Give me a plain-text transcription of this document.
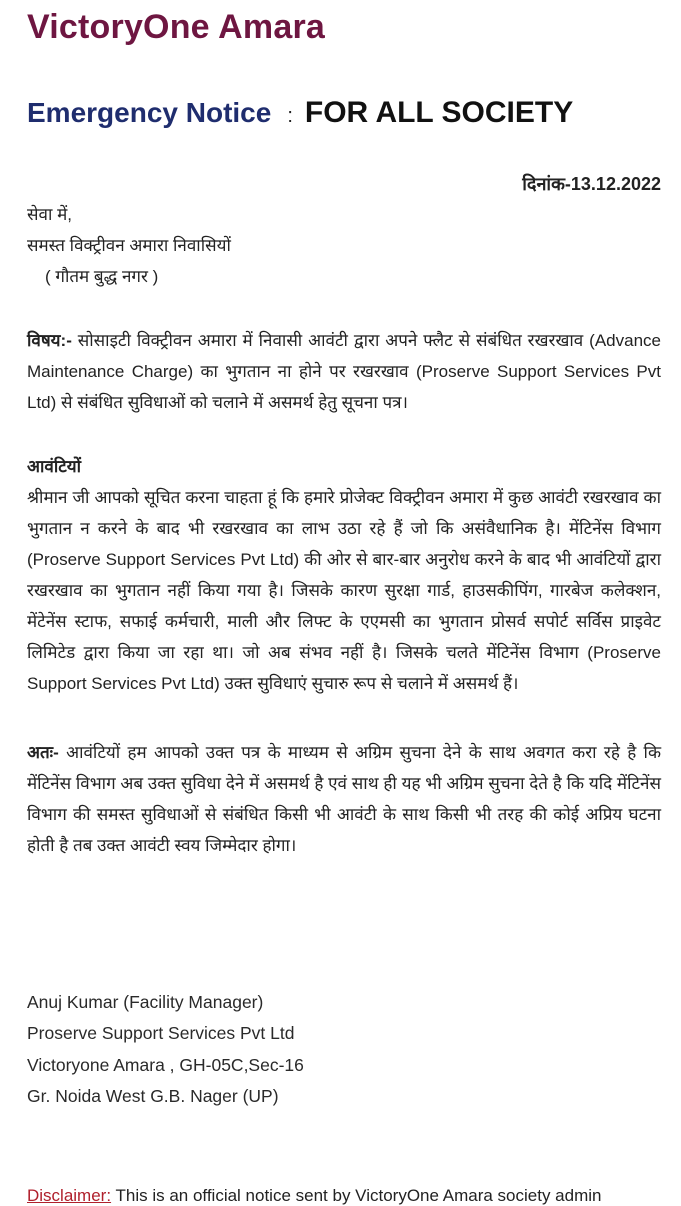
VictoryOne Amara
Emergency Notice : FOR ALL SOCIETY
दिनांक-13.12.2022
सेवा में,
समस्त विक्ट्रीवन अमारा निवासियों
( गौतम बुद्ध नगर )
विषय:- सोसाइटी विक्ट्रीवन अमारा में निवासी आवंटी द्वारा अपने फ्लैट से संबंधित रखरखाव (Advance Maintenance Charge) का भुगतान ना होने पर रखरखाव (Proserve Support Services Pvt Ltd) से संबंधित सुविधाओं को चलाने में असमर्थ हेतु सूचना पत्र।
आवंटियों
श्रीमान जी आपको सूचित करना चाहता हूं कि हमारे प्रोजेक्ट विक्ट्रीवन अमारा में कुछ आवंटी रखरखाव का भुगतान न करने के बाद भी रखरखाव का लाभ उठा रहे हैं जो कि असंवैधानिक है। मेंटिनेंस विभाग (Proserve Support Services Pvt Ltd) की ओर से बार-बार अनुरोध करने के बाद भी आवंटियों द्वारा रखरखाव का भुगतान नहीं किया गया है। जिसके कारण सुरक्षा गार्ड, हाउसकीपिंग, गारबेज कलेक्शन, मेंटेनेंस स्टाफ, सफाई कर्मचारी, माली और लिफ्ट के एएमसी का भुगतान प्रोसर्व सपोर्ट सर्विस प्राइवेट लिमिटेड द्वारा किया जा रहा था। जो अब संभव नहीं है। जिसके चलते मेंटिनेंस विभाग (Proserve Support Services Pvt Ltd) उक्त सुविधाएं सुचारु रूप से चलाने में असमर्थ हैं।
अतः- आवंटियों हम आपको उक्त पत्र के माध्यम से अग्रिम सुचना देने के साथ अवगत करा रहे है कि मेंटिनेंस विभाग अब उक्त सुविधा देने में असमर्थ है एवं साथ ही यह भी अग्रिम सुचना देते है कि यदि मेंटिनेंस विभाग की समस्त सुविधाओं से संबंधित किसी भी आवंटी के साथ किसी भी तरह की कोई अप्रिय घटना होती है तब उक्त आवंटी स्वय जिम्मेदार होगा।
Anuj Kumar (Facility Manager)
Proserve Support Services Pvt Ltd
Victoryone Amara , GH-05C,Sec-16
Gr. Noida West G.B. Nager (UP)
Disclaimer: This is an official notice sent by VictoryOne Amara society admin
